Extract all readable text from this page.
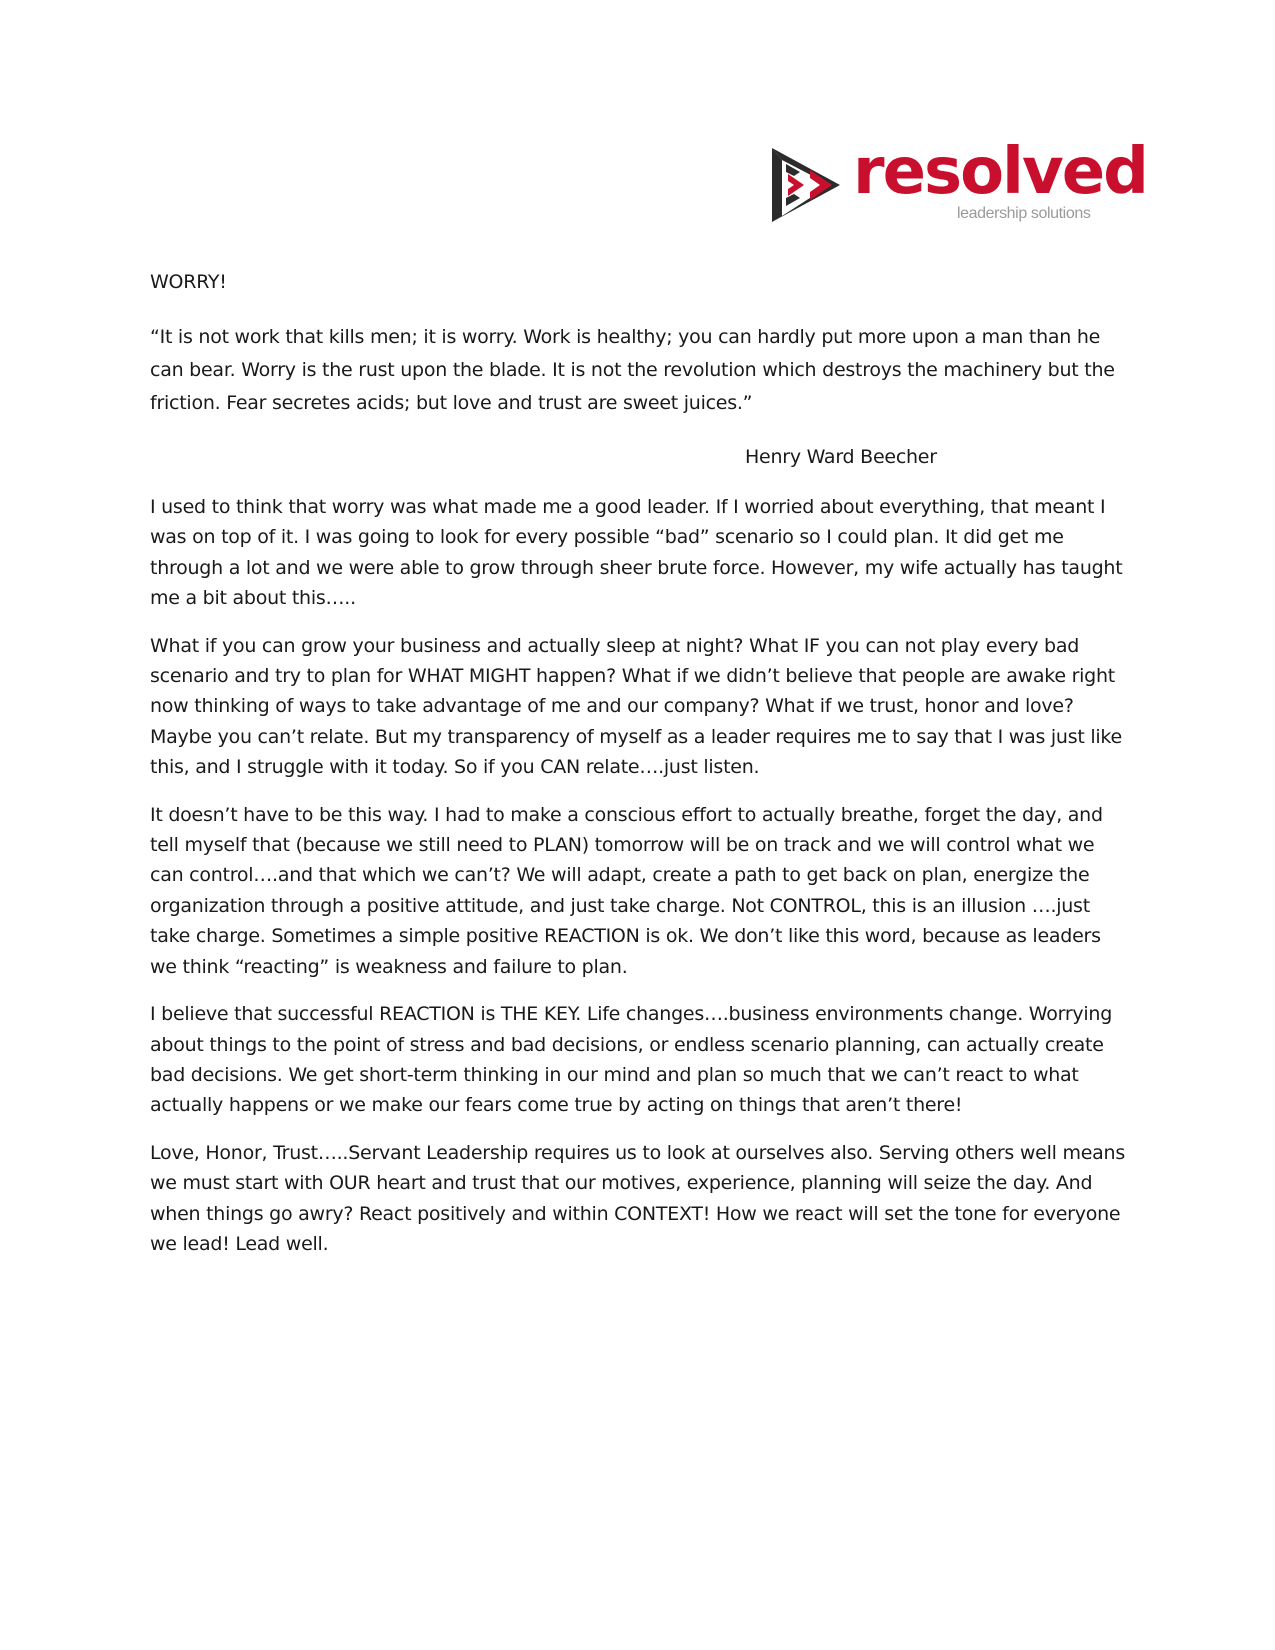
resolved
leadership solutions

WORRY!

“It is not work that kills men; it is worry. Work is healthy; you can hardly put more upon a man than he can bear. Worry is the rust upon the blade. It is not the revolution which destroys the machinery but the friction. Fear secretes acids; but love and trust are sweet juices.”

Henry Ward Beecher

I used to think that worry was what made me a good leader. If I worried about everything, that meant I was on top of it. I was going to look for every possible “bad” scenario so I could plan. It did get me through a lot and we were able to grow through sheer brute force. However, my wife actually has taught me a bit about this…..

What if you can grow your business and actually sleep at night? What IF you can not play every bad scenario and try to plan for WHAT MIGHT happen? What if we didn’t believe that people are awake right now thinking of ways to take advantage of me and our company? What if we trust, honor and love? Maybe you can’t relate. But my transparency of myself as a leader requires me to say that I was just like this, and I struggle with it today. So if you CAN relate….just listen.

It doesn’t have to be this way. I had to make a conscious effort to actually breathe, forget the day, and tell myself that (because we still need to PLAN) tomorrow will be on track and we will control what we can control….and that which we can’t? We will adapt, create a path to get back on plan, energize the organization through a positive attitude, and just take charge. Not CONTROL, this is an illusion ….just take charge. Sometimes a simple positive REACTION is ok. We don’t like this word, because as leaders we think “reacting” is weakness and failure to plan.

I believe that successful REACTION is THE KEY. Life changes….business environments change. Worrying about things to the point of stress and bad decisions, or endless scenario planning, can actually create bad decisions. We get short-term thinking in our mind and plan so much that we can’t react to what actually happens or we make our fears come true by acting on things that aren’t there!

Love, Honor, Trust…..Servant Leadership requires us to look at ourselves also. Serving others well means we must start with OUR heart and trust that our motives, experience, planning will seize the day. And when things go awry? React positively and within CONTEXT! How we react will set the tone for everyone we lead! Lead well.
